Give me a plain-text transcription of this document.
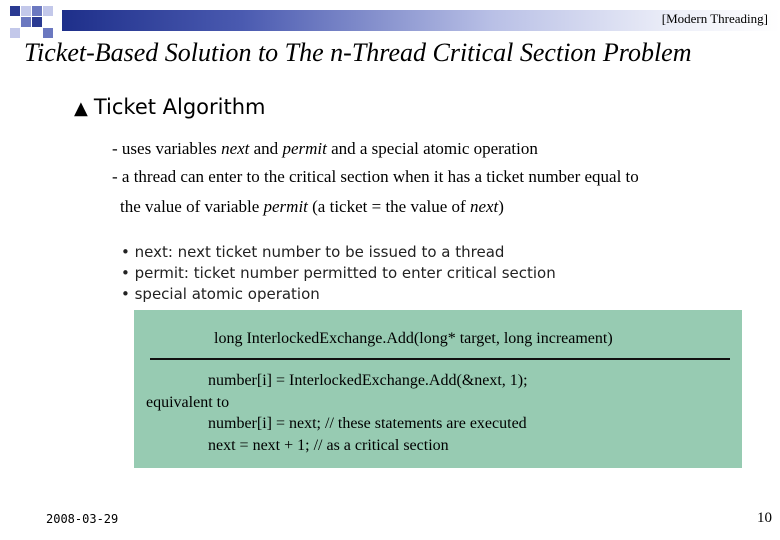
[Modern Threading]
Ticket-Based Solution to The n-Thread Critical Section Problem
▲ Ticket Algorithm
- uses variables next and permit and a special atomic operation
- a thread can enter to the critical section when it has a ticket number equal to
the value of variable permit (a ticket = the value of next)
• next: next ticket number to be issued to a thread
• permit: ticket number permitted to enter critical section
• special atomic operation
long InterlockedExchange.Add(long* target, long increament)
number[i] = InterlockedExchange.Add(&next, 1);
equivalent to
number[i] = next; // these statements are executed
next = next + 1; // as a critical section
2008-03-29	10
